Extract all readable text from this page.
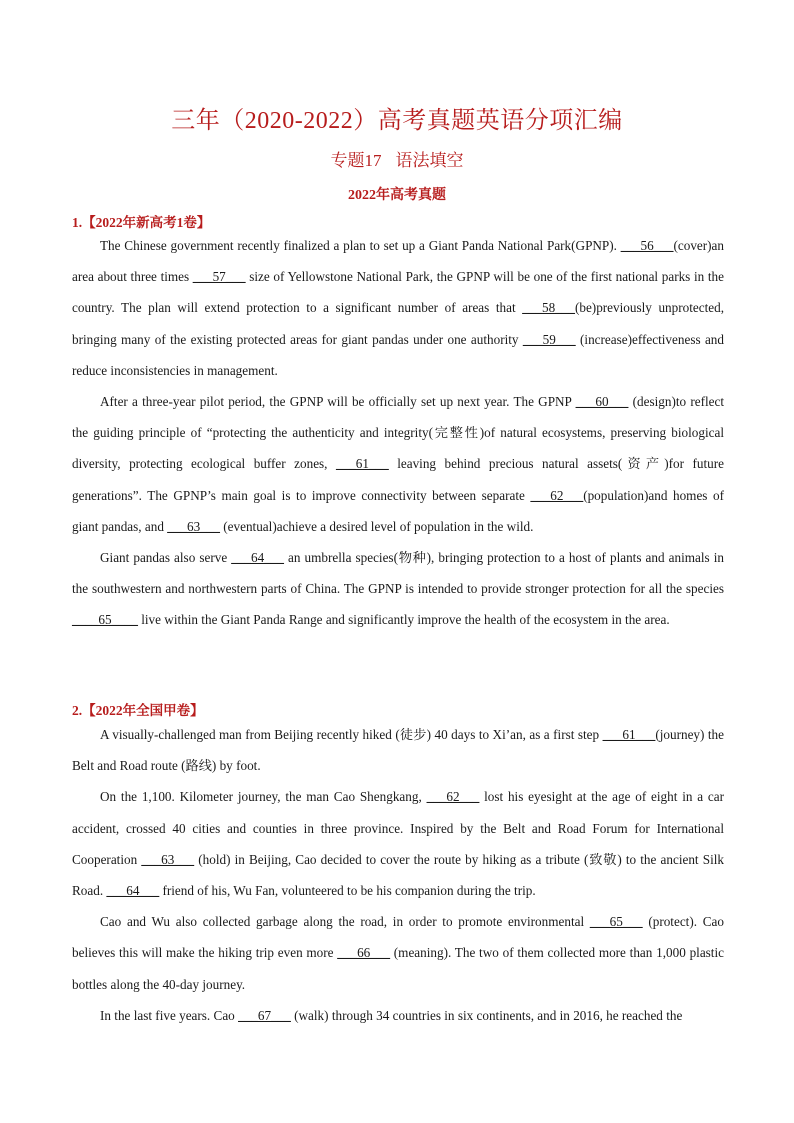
三年（2020-2022）高考真题英语分项汇编
专题17 语法填空
2022年高考真题
1.【2022年新高考1卷】

The Chinese government recently finalized a plan to set up a Giant Panda National Park(GPNP). ___56___(cover)an area about three times ___57___ size of Yellowstone National Park, the GPNP will be one of the first national parks in the country. The plan will extend protection to a significant number of areas that ___58___(be)previously unprotected, bringing many of the existing protected areas for giant pandas under one authority ___59___ (increase)effectiveness and reduce inconsistencies in management.

After a three-year pilot period, the GPNP will be officially set up next year. The GPNP ___60___ (design)to reflect the guiding principle of “protecting the authenticity and integrity(完整性)of natural ecosystems, preserving biological diversity, protecting ecological buffer zones, ___61___ leaving behind precious natural assets(资产)for future generations”. The GPNP’s main goal is to improve connectivity between separate ___62___(population)and homes of giant pandas, and ___63___ (eventual)achieve a desired level of population in the wild.

Giant pandas also serve ___64___ an umbrella species(物种), bringing protection to a host of plants and animals in the southwestern and northwestern parts of China. The GPNP is intended to provide stronger protection for all the species ____65____ live within the Giant Panda Range and significantly improve the health of the ecosystem in the area.

2.【2022年全国甲卷】

A visually-challenged man from Beijing recently hiked (徒步) 40 days to Xi’an, as a first step ___61___(journey) the Belt and Road route (路线) by foot.

On the 1,100. Kilometer journey, the man Cao Shengkang, ___62___ lost his eyesight at the age of eight in a car accident, crossed 40 cities and counties in three province. Inspired by the Belt and Road Forum for International Cooperation ___63___ (hold) in Beijing, Cao decided to cover the route by hiking as a tribute (致敬) to the ancient Silk Road. ___64___ friend of his, Wu Fan, volunteered to be his companion during the trip.

Cao and Wu also collected garbage along the road, in order to promote environmental ___65___ (protect). Cao believes this will make the hiking trip even more ___66___ (meaning). The two of them collected more than 1,000 plastic bottles along the 40-day journey.

In the last five years. Cao ___67___ (walk) through 34 countries in six continents, and in 2016, he reached the
